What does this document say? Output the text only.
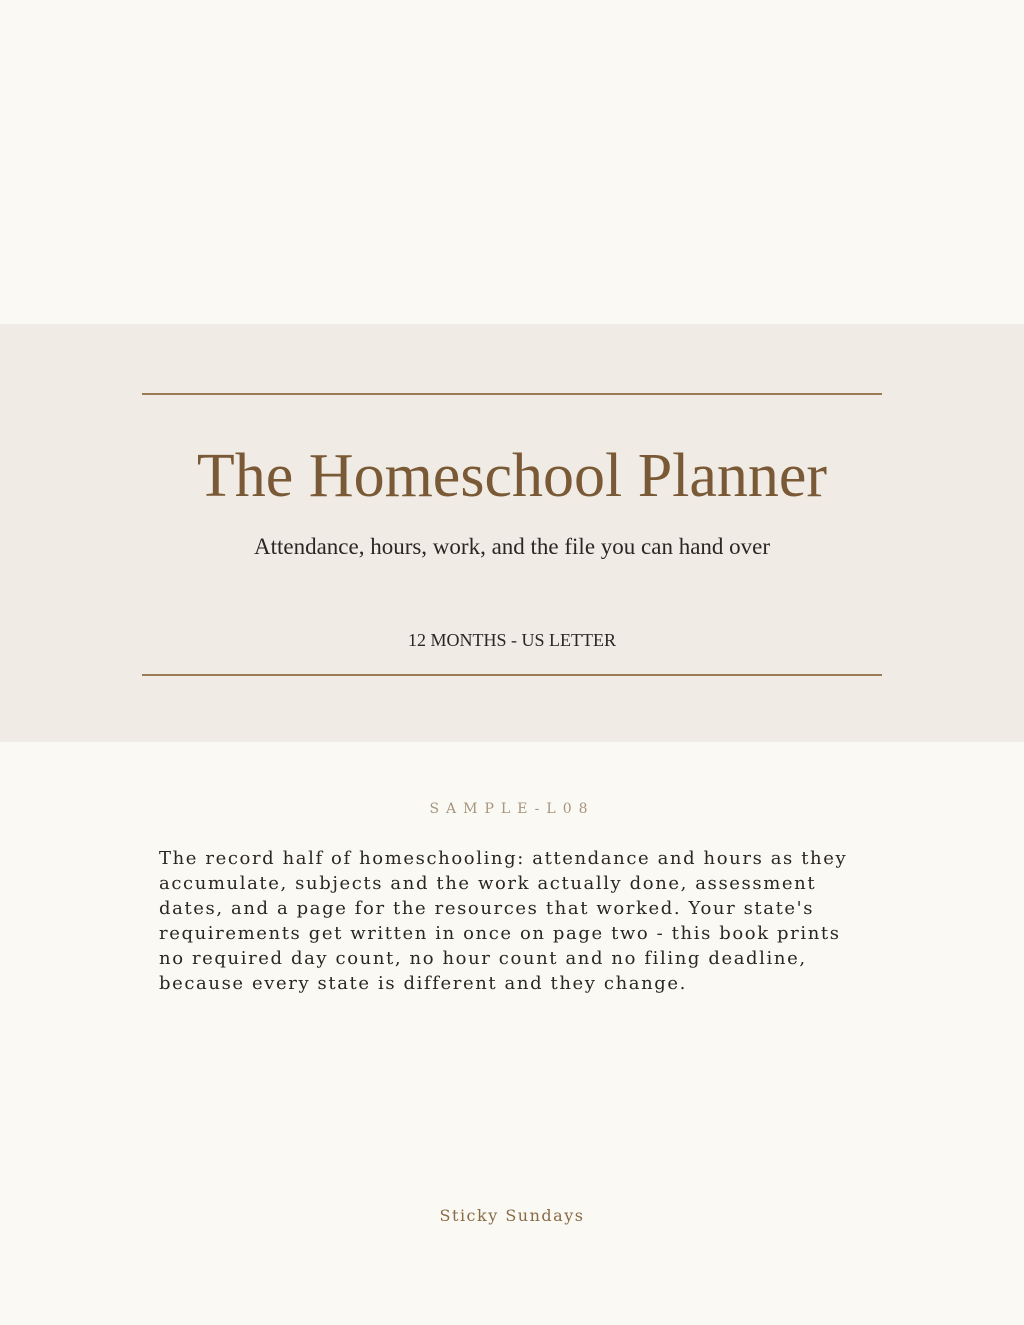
The Homeschool Planner

Attendance, hours, work, and the file you can hand over

12 MONTHS - US LETTER

SAMPLE-L08

The record half of homeschooling: attendance and hours as they accumulate, subjects and the work actually done, assessment dates, and a page for the resources that worked. Your state's requirements get written in once on page two - this book prints no required day count, no hour count and no filing deadline, because every state is different and they change.

Sticky Sundays
